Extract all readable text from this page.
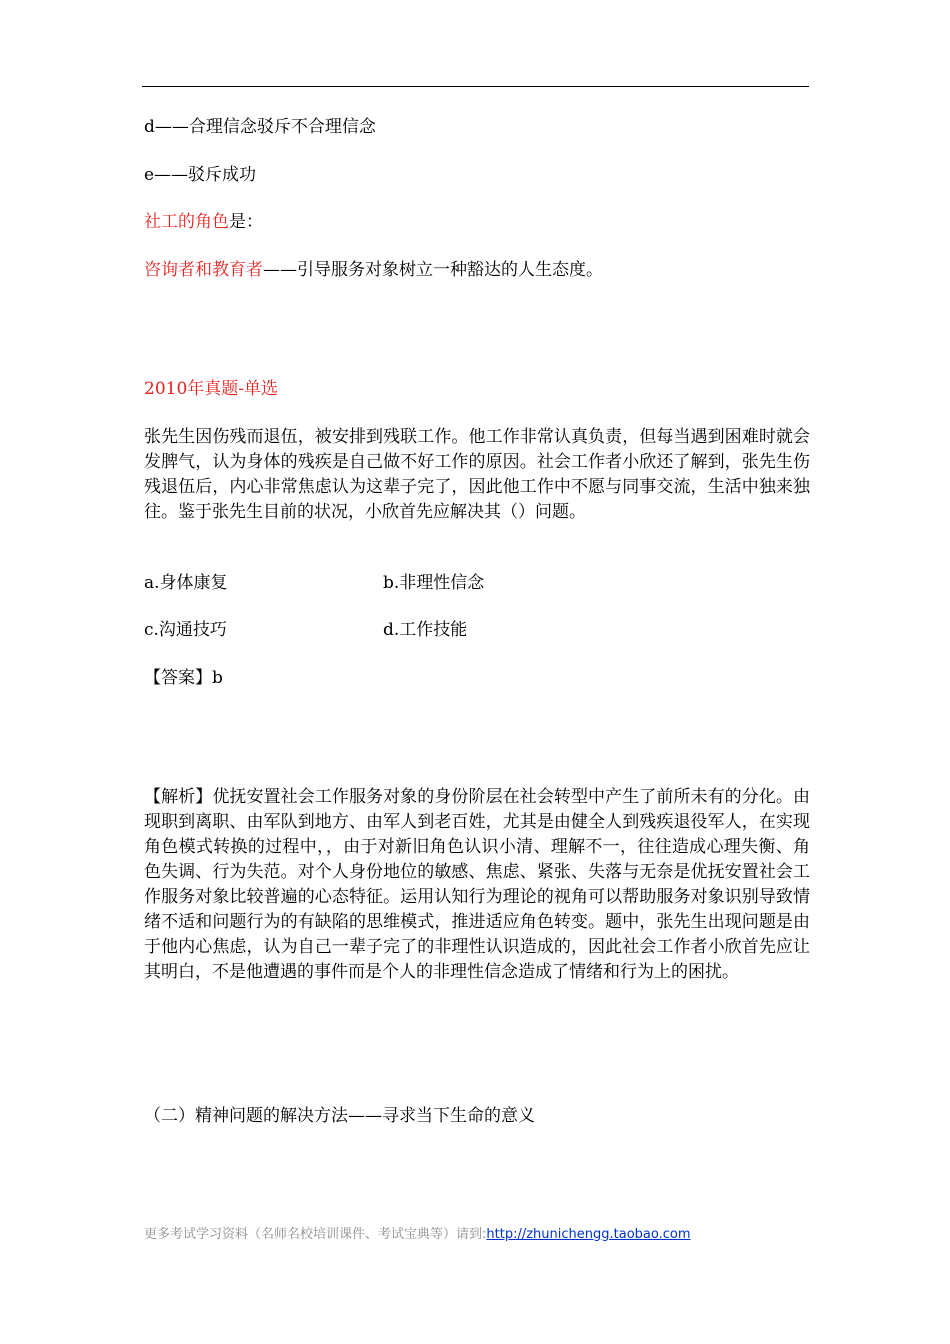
d——合理信念驳斥不合理信念
e——驳斥成功
社工的角色是：
咨询者和教育者——引导服务对象树立一种豁达的人生态度。
2010年真题-单选
张先生因伤残而退伍，被安排到残联工作。他工作非常认真负责，但每当遇到困难时就会发脾气，认为身体的残疾是自己做不好工作的原因。社会工作者小欣还了解到，张先生伤残退伍后，内心非常焦虑认为这辈子完了，因此他工作中不愿与同事交流，生活中独来独往。鉴于张先生目前的状况，小欣首先应解决其（）问题。
a.身体康复	b.非理性信念
c.沟通技巧	d.工作技能
【答案】b
【解析】优抚安置社会工作服务对象的身份阶层在社会转型中产生了前所未有的分化。由现职到离职、由军队到地方、由军人到老百姓，尤其是由健全人到残疾退役军人，在实现角色模式转换的过程中，，由于对新旧角色认识小清、理解不一，往往造成心理失衡、角色失调、行为失范。对个人身份地位的敏感、焦虑、紧张、失落与无奈是优抚安置社会工作服务对象比较普遍的心态特征。运用认知行为理论的视角可以帮助服务对象识别导致情绪不适和问题行为的有缺陷的思维模式，推进适应角色转变。题中，张先生出现问题是由于他内心焦虑，认为自己一辈子完了的非理性认识造成的，因此社会工作者小欣首先应让其明白，不是他遭遇的事件而是个人的非理性信念造成了情绪和行为上的困扰。
（二）精神问题的解决方法——寻求当下生命的意义
更多考试学习资料（名师名校培训课件、考试宝典等）请到:http://zhunichengg.taobao.com
